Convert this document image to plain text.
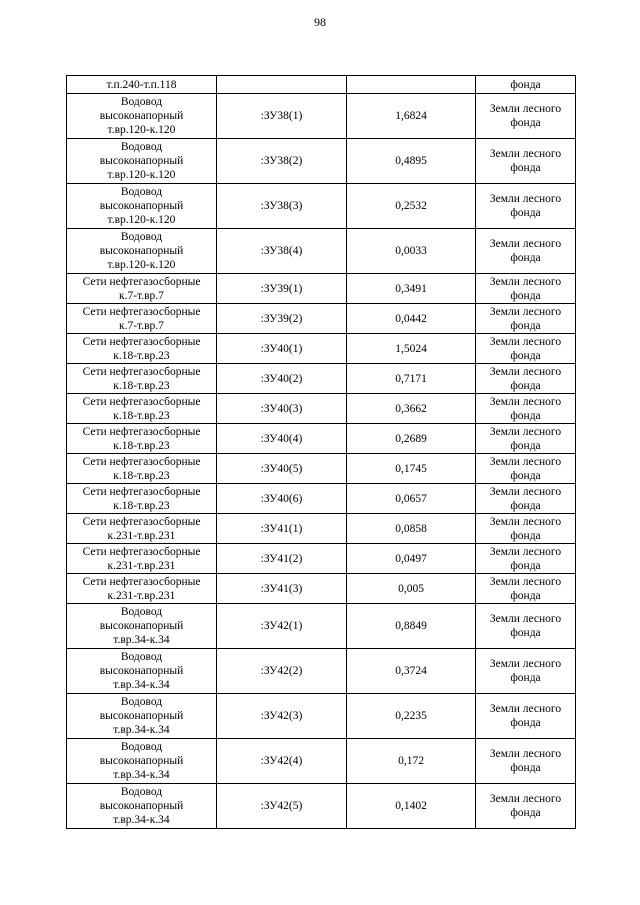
98
т.п.240-т.п.118			фонда
Водовод
высоконапорный
т.вр.120-к.120	:ЗУ38(1)	1,6824	Земли лесного
фонда
Водовод
высоконапорный
т.вр.120-к.120	:ЗУ38(2)	0,4895	Земли лесного
фонда
Водовод
высоконапорный
т.вр.120-к.120	:ЗУ38(3)	0,2532	Земли лесного
фонда
Водовод
высоконапорный
т.вр.120-к.120	:ЗУ38(4)	0,0033	Земли лесного
фонда
Сети нефтегазосборные
к.7-т.вр.7	:ЗУ39(1)	0,3491	Земли лесного
фонда
Сети нефтегазосборные
к.7-т.вр.7	:ЗУ39(2)	0,0442	Земли лесного
фонда
Сети нефтегазосборные
к.18-т.вр.23	:ЗУ40(1)	1,5024	Земли лесного
фонда
Сети нефтегазосборные
к.18-т.вр.23	:ЗУ40(2)	0,7171	Земли лесного
фонда
Сети нефтегазосборные
к.18-т.вр.23	:ЗУ40(3)	0,3662	Земли лесного
фонда
Сети нефтегазосборные
к.18-т.вр.23	:ЗУ40(4)	0,2689	Земли лесного
фонда
Сети нефтегазосборные
к.18-т.вр.23	:ЗУ40(5)	0,1745	Земли лесного
фонда
Сети нефтегазосборные
к.18-т.вр.23	:ЗУ40(6)	0,0657	Земли лесного
фонда
Сети нефтегазосборные
к.231-т.вр.231	:ЗУ41(1)	0,0858	Земли лесного
фонда
Сети нефтегазосборные
к.231-т.вр.231	:ЗУ41(2)	0,0497	Земли лесного
фонда
Сети нефтегазосборные
к.231-т.вр.231	:ЗУ41(3)	0,005	Земли лесного
фонда
Водовод
высоконапорный
т.вр.34-к.34	:ЗУ42(1)	0,8849	Земли лесного
фонда
Водовод
высоконапорный
т.вр.34-к.34	:ЗУ42(2)	0,3724	Земли лесного
фонда
Водовод
высоконапорный
т.вр.34-к.34	:ЗУ42(3)	0,2235	Земли лесного
фонда
Водовод
высоконапорный
т.вр.34-к.34	:ЗУ42(4)	0,172	Земли лесного
фонда
Водовод
высоконапорный
т.вр.34-к.34	:ЗУ42(5)	0,1402	Земли лесного
фонда
